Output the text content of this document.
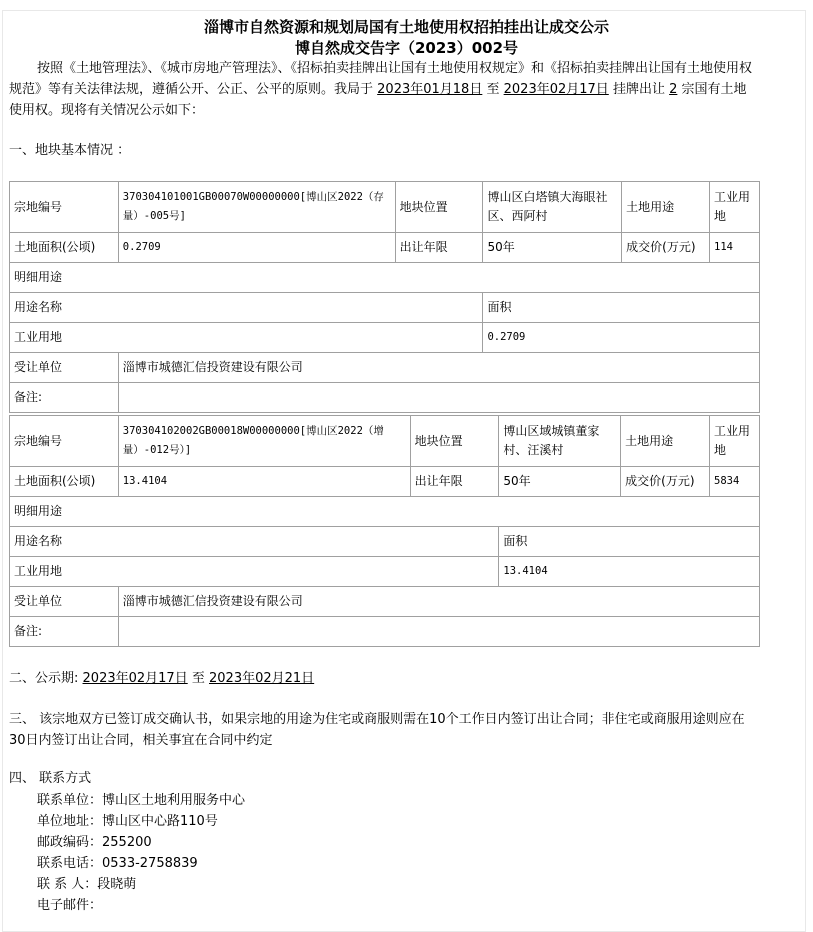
淄博市自然资源和规划局国有土地使用权招拍挂出让成交公示
博自然成交告字（2023）002号
按照《土地管理法》、《城市房地产管理法》、《招标拍卖挂牌出让国有土地使用权规定》和《招标拍卖挂牌出让国有土地使用权规范》等有关法律法规，遵循公开、公正、公平的原则。我局于 2023年01月18日 至 2023年02月17日 挂牌出让 2 宗国有土地使用权。现将有关情况公示如下：
一、地块基本情况 ：
宗地编号	370304101001GB00070W00000000[博山区2022（存量）-005号]	地块位置	博山区白塔镇大海眼社区、西阿村	土地用途	工业用地
土地面积(公顷)	0.2709	出让年限	50年	成交价(万元)	114
明细用途					
用途名称			面积		
工业用地			0.2709		
受让单位	淄博市城德汇信投资建设有限公司				
备注:					
宗地编号	370304102002GB00018W00000000[博山区2022（增量）-012号）]	地块位置	博山区域城镇董家村、汪溪村	土地用途	工业用地
土地面积(公顷)	13.4104	出让年限	50年	成交价(万元)	5834
明细用途					
用途名称			面积		
工业用地			13.4104		
受让单位	淄博市城德汇信投资建设有限公司				
备注:					
二、公示期: 2023年02月17日 至 2023年02月21日
三、 该宗地双方已签订成交确认书，如果宗地的用途为住宅或商服则需在10个工作日内签订出让合同；非住宅或商服用途则应在30日内签订出让合同，相关事宜在合同中约定
四、 联系方式
联系单位：博山区土地利用服务中心
单位地址：博山区中心路110号
邮政编码：255200
联系电话：0533-2758839
联 系 人：段晓萌
电子邮件：
